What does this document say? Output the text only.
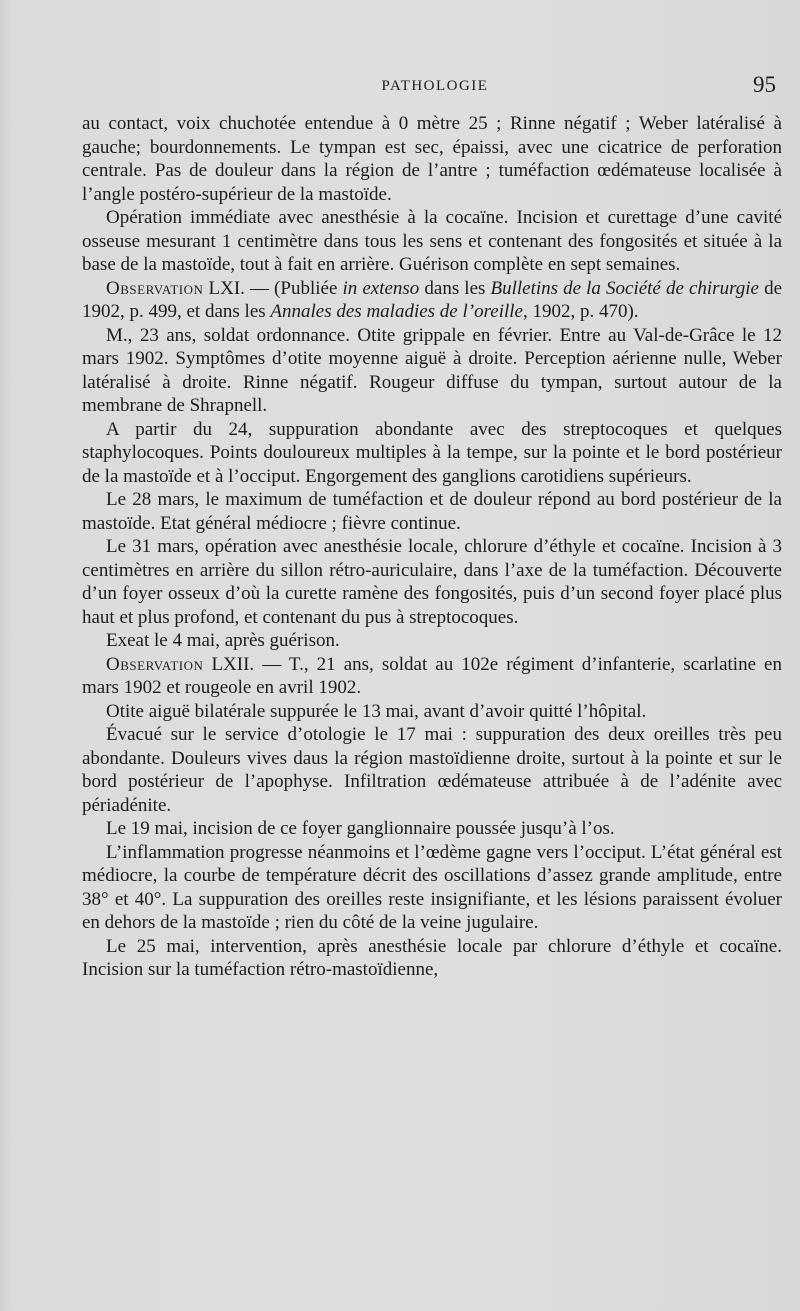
PATHOLOGIE	95

au contact, voix chuchotée entendue à 0 mètre 25 ; Rinne négatif ; Weber latéralisé à gauche; bourdonnements. Le tympan est sec, épaissi, avec une cicatrice de perforation centrale. Pas de douleur dans la région de l’antre ; tuméfaction œdémateuse localisée à l’angle postéro-supérieur de la mastoïde.

Opération immédiate avec anesthésie à la cocaïne. Incision et curettage d’une cavité osseuse mesurant 1 centimètre dans tous les sens et contenant des fongosités et située à la base de la mastoïde, tout à fait en arrière. Guérison complète en sept semaines.

Observation LXI. — (Publiée in extenso dans les Bulletins de la Société de chirurgie de 1902, p. 499, et dans les Annales des maladies de l’oreille, 1902, p. 470).

M., 23 ans, soldat ordonnance. Otite grippale en février. Entre au Val-de-Grâce le 12 mars 1902. Symptômes d’otite moyenne aiguë à droite. Perception aérienne nulle, Weber latéralisé à droite. Rinne négatif. Rougeur diffuse du tympan, surtout autour de la membrane de Shrapnell.

A partir du 24, suppuration abondante avec des streptocoques et quelques staphylocoques. Points douloureux multiples à la tempe, sur la pointe et le bord postérieur de la mastoïde et à l’occiput. Engorgement des ganglions carotidiens supérieurs.

Le 28 mars, le maximum de tuméfaction et de douleur répond au bord postérieur de la mastoïde. Etat général médiocre ; fièvre continue.

Le 31 mars, opération avec anesthésie locale, chlorure d’éthyle et cocaïne. Incision à 3 centimètres en arrière du sillon rétro-auriculaire, dans l’axe de la tuméfaction. Découverte d’un foyer osseux d’où la curette ramène des fongosités, puis d’un second foyer placé plus haut et plus profond, et contenant du pus à streptocoques.

Exeat le 4 mai, après guérison.

Observation LXII. — T., 21 ans, soldat au 102e régiment d’infanterie, scarlatine en mars 1902 et rougeole en avril 1902.

Otite aiguë bilatérale suppurée le 13 mai, avant d’avoir quitté l’hôpital.

Évacué sur le service d’otologie le 17 mai : suppuration des deux oreilles très peu abondante. Douleurs vives daus la région mastoïdienne droite, surtout à la pointe et sur le bord postérieur de l’apophyse. Infiltration œdémateuse attribuée à de l’adénite avec périadénite.

Le 19 mai, incision de ce foyer ganglionnaire poussée jusqu’à l’os.

L’inflammation progresse néanmoins et l’œdème gagne vers l’occiput. L’état général est médiocre, la courbe de température décrit des oscillations d’assez grande amplitude, entre 38° et 40°. La suppuration des oreilles reste insignifiante, et les lésions paraissent évoluer en dehors de la mastoïde ; rien du côté de la veine jugulaire.

Le 25 mai, intervention, après anesthésie locale par chlorure d’éthyle et cocaïne. Incision sur la tuméfaction rétro-mastoïdienne,
